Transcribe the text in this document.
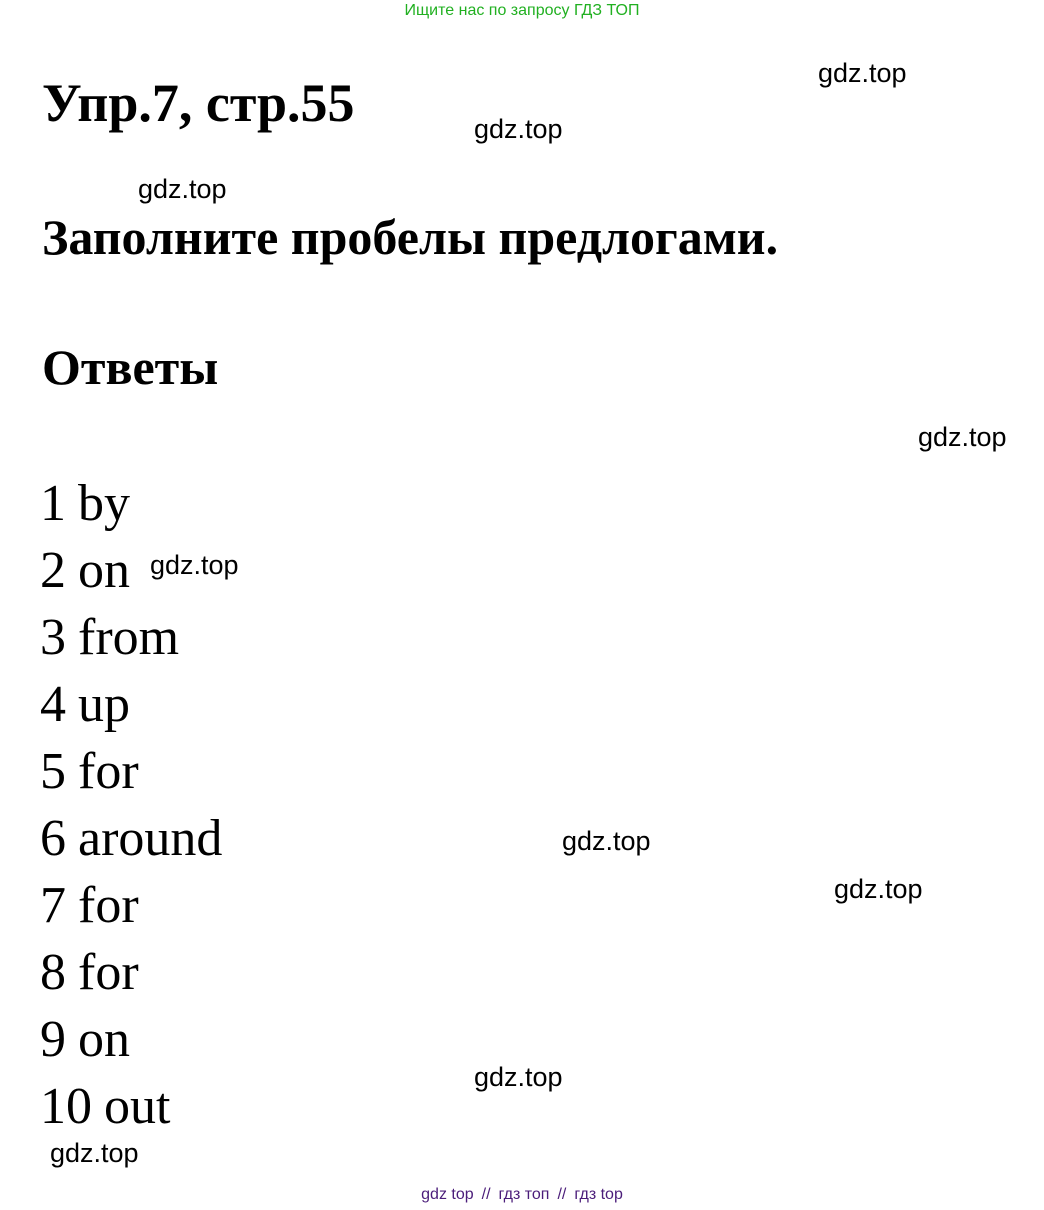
Ищите нас по запросу ГДЗ ТОП
Упр.7, стр.55
Заполните пробелы предлогами.
Ответы
1 by
2 on
3 from
4 up
5 for
6 around
7 for
8 for
9 on
10 out
gdz.top
gdz.top
gdz.top
gdz.top
gdz.top
gdz.top
gdz.top
gdz.top
gdz.top
gdz top // гдз топ // гдз top
